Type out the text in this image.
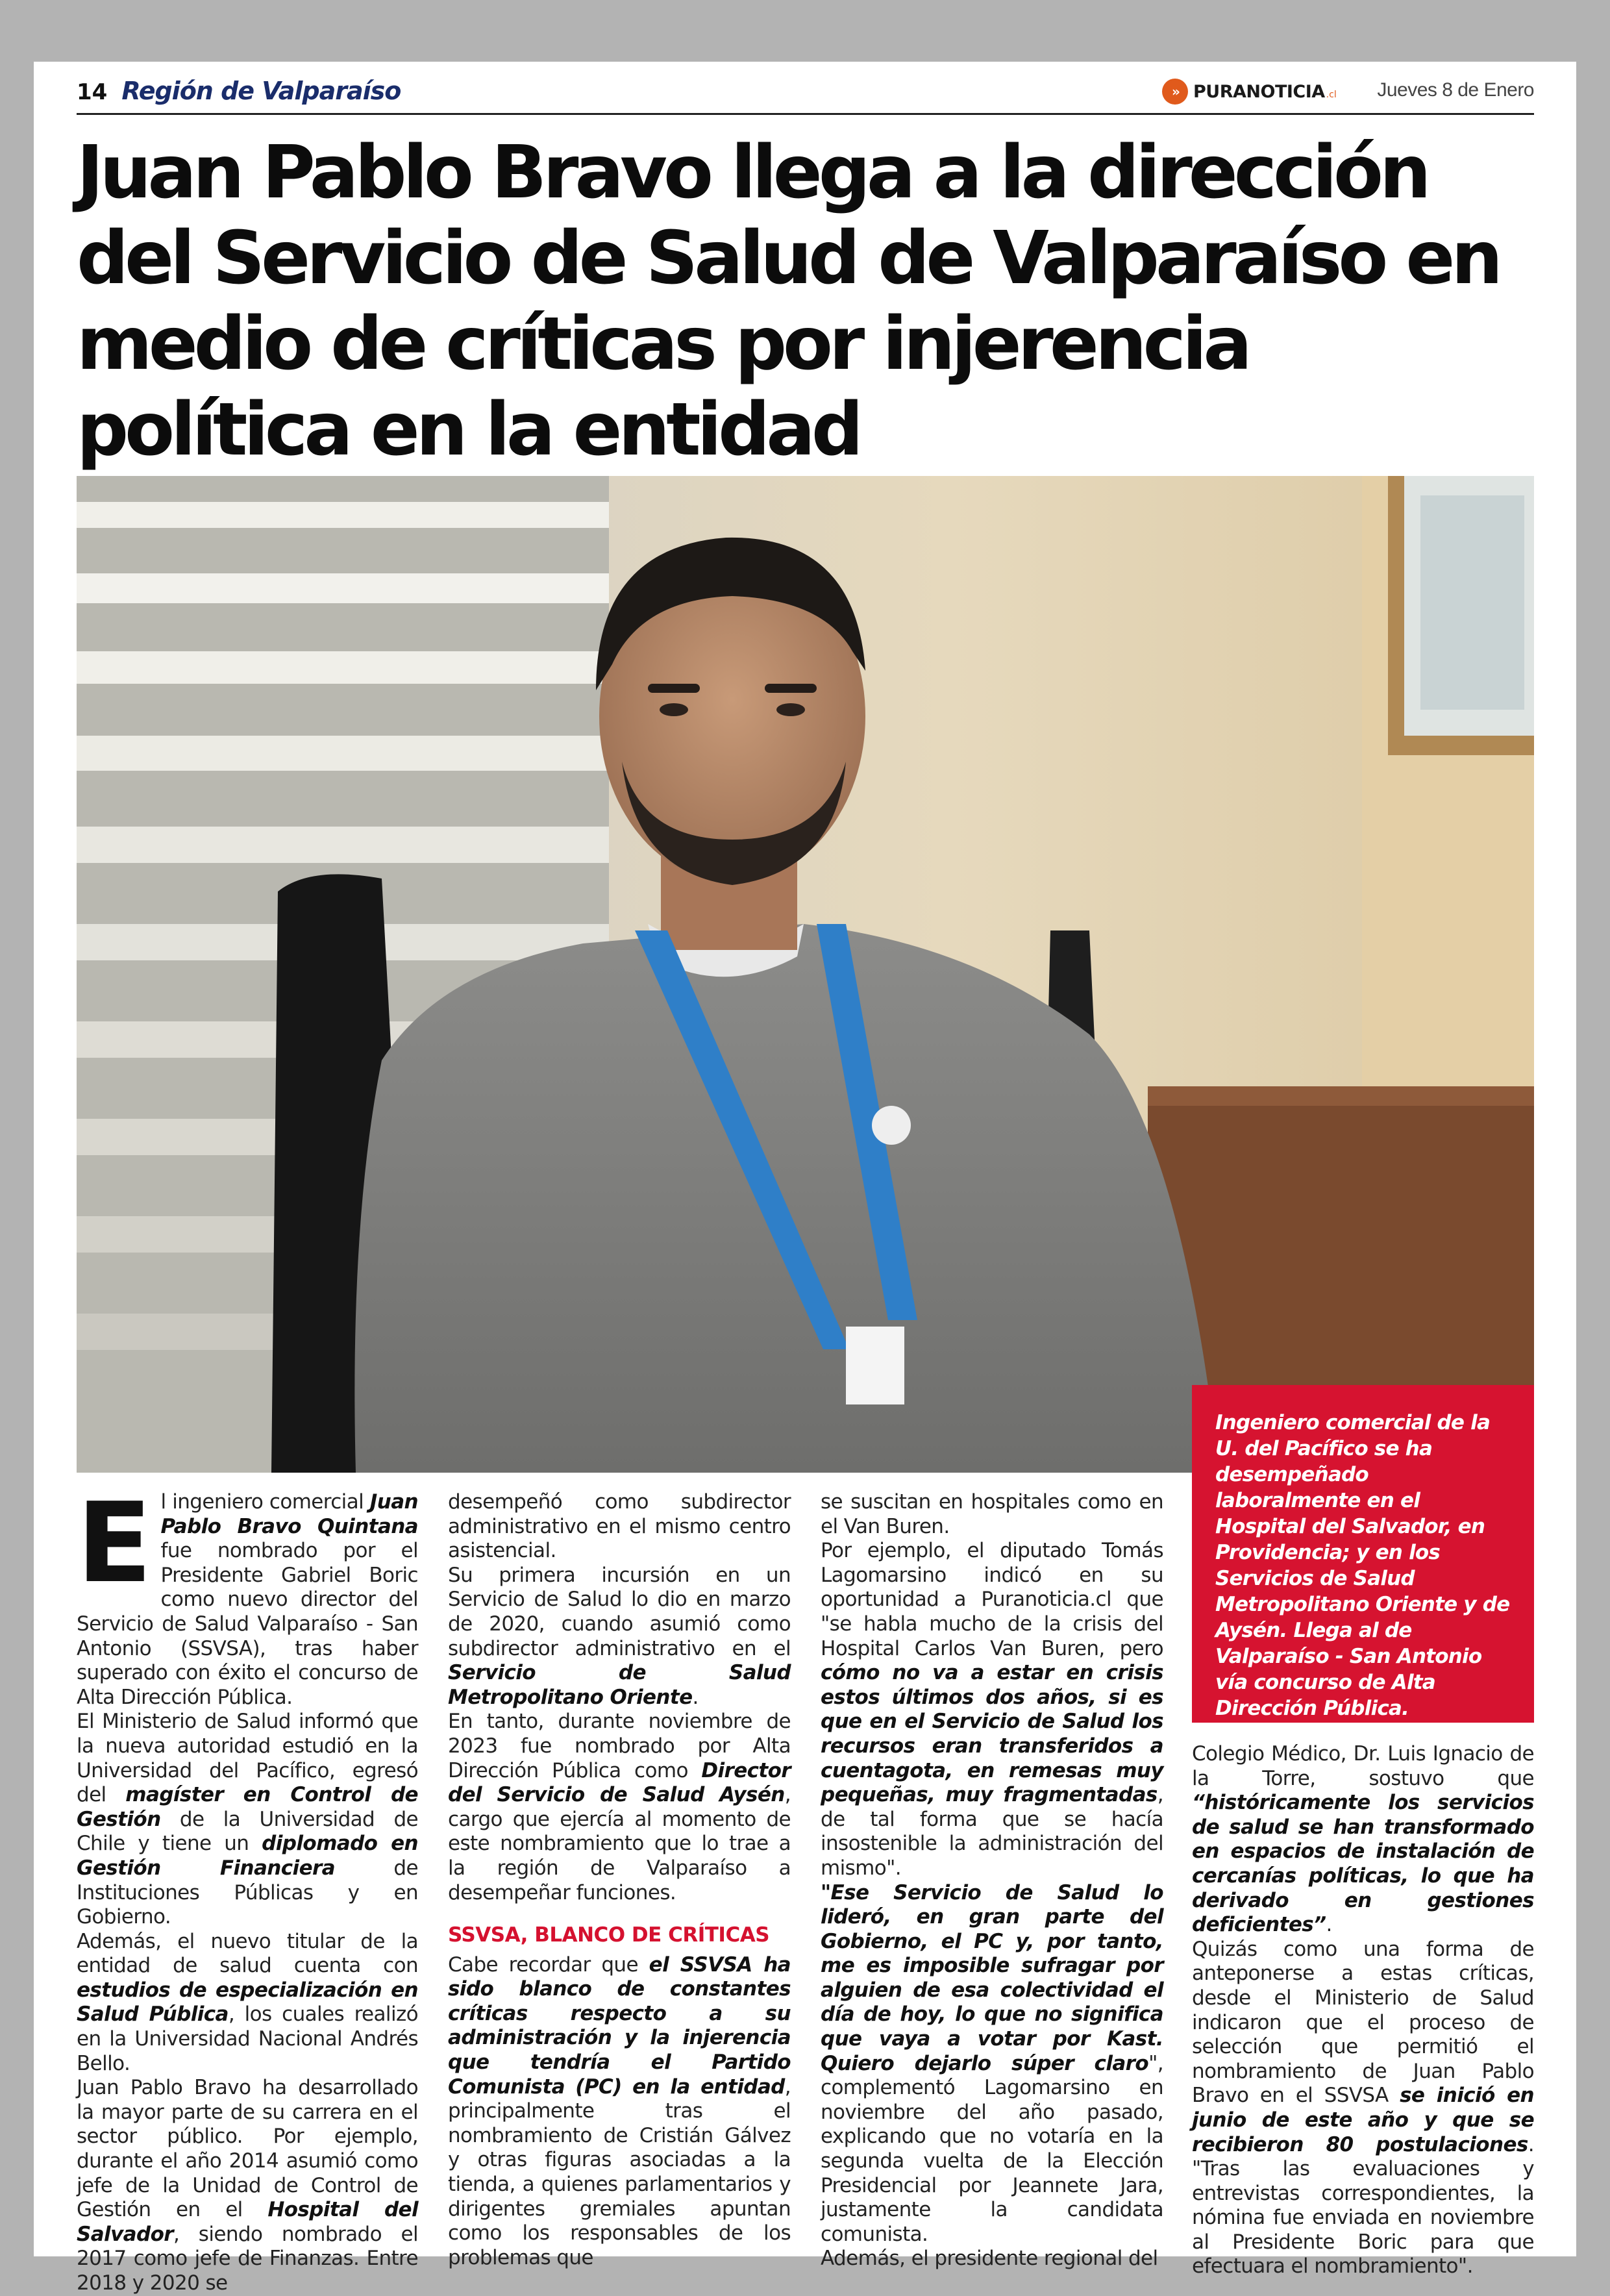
14 Región de Valparaíso	» PURANOTICIA .cl Jueves 8 de Enero
Juan Pablo Bravo llega a la dirección del Servicio de Salud de Valparaíso en medio de críticas por injerencia política en la entidad
Ingeniero comercial de la U. del Pacífico se ha desempeñado laboralmente en el Hospital del Salvador, en Providencia; y en los Servicios de Salud Metropolitano Oriente y de Aysén. Llega al de Valparaíso - San Antonio vía concurso de Alta Dirección Pública.

El ingeniero comercial Juan Pablo Bravo Quintana fue nombrado por el Presidente Gabriel Boric como nuevo director del Servicio de Salud Valparaíso - San Antonio (SSVSA), tras haber superado con éxito el concurso de Alta Dirección Pública.

El Ministerio de Salud informó que la nueva autoridad estudió en la Universidad del Pacífico, egresó del magíster en Control de Gestión de la Universidad de Chile y tiene un diplomado en Gestión Financiera de Instituciones Públicas y en Gobierno.

Además, el nuevo titular de la entidad de salud cuenta con estudios de especialización en Salud Pública, los cuales realizó en la Universidad Nacional Andrés Bello.

Juan Pablo Bravo ha desarrollado la mayor parte de su carrera en el sector público. Por ejemplo, durante el año 2014 asumió como jefe de la Unidad de Control de Gestión en el Hospital del Salvador, siendo nombrado el 2017 como jefe de Finanzas. Entre 2018 y 2020 se

desempeñó como subdirector administrativo en el mismo centro asistencial.

Su primera incursión en un Servicio de Salud lo dio en marzo de 2020, cuando asumió como subdirector administrativo en el Servicio de Salud Metropolitano Oriente.

En tanto, durante noviembre de 2023 fue nombrado por Alta Dirección Pública como Director del Servicio de Salud Aysén, cargo que ejercía al momento de este nombramiento que lo trae a la región de Valparaíso a desempeñar funciones.

SSVSA, BLANCO DE CRÍTICAS

Cabe recordar que el SSVSA ha sido blanco de constantes críticas respecto a su administración y la injerencia que tendría el Partido Comunista (PC) en la entidad, principalmente tras el nombramiento de Cristián Gálvez y otras figuras asociadas a la tienda, a quienes parlamentarios y dirigentes gremiales apuntan como los responsables de los problemas que

se suscitan en hospitales como en el Van Buren.

Por ejemplo, el diputado Tomás Lagomarsino indicó en su oportunidad a Puranoticia.cl que "se habla mucho de la crisis del Hospital Carlos Van Buren, pero cómo no va a estar en crisis estos últimos dos años, si es que en el Servicio de Salud los recursos eran transferidos a cuentagota, en remesas muy pequeñas, muy fragmentadas, de tal forma que se hacía insostenible la administración del mismo".

"Ese Servicio de Salud lo lideró, en gran parte del Gobierno, el PC y, por tanto, me es imposible sufragar por alguien de esa colectividad el día de hoy, lo que no significa que vaya a votar por Kast. Quiero dejarlo súper claro", complementó Lagomarsino en noviembre del año pasado, explicando que no votaría en la segunda vuelta de la Elección Presidencial por Jeannete Jara, justamente la candidata comunista.

Además, el presidente regional del

Colegio Médico, Dr. Luis Ignacio de la Torre, sostuvo que “históricamente los servicios de salud se han transformado en espacios de instalación de cercanías políticas, lo que ha derivado en gestiones deficientes”.

Quizás como una forma de anteponerse a estas críticas, desde el Ministerio de Salud indicaron que el proceso de selección que permitió el nombramiento de Juan Pablo Bravo en el SSVSA se inició en junio de este año y que se recibieron 80 postulaciones. "Tras las evaluaciones y entrevistas correspondientes, la nómina fue enviada en noviembre al Presidente Boric para que efectuara el nombramiento".
